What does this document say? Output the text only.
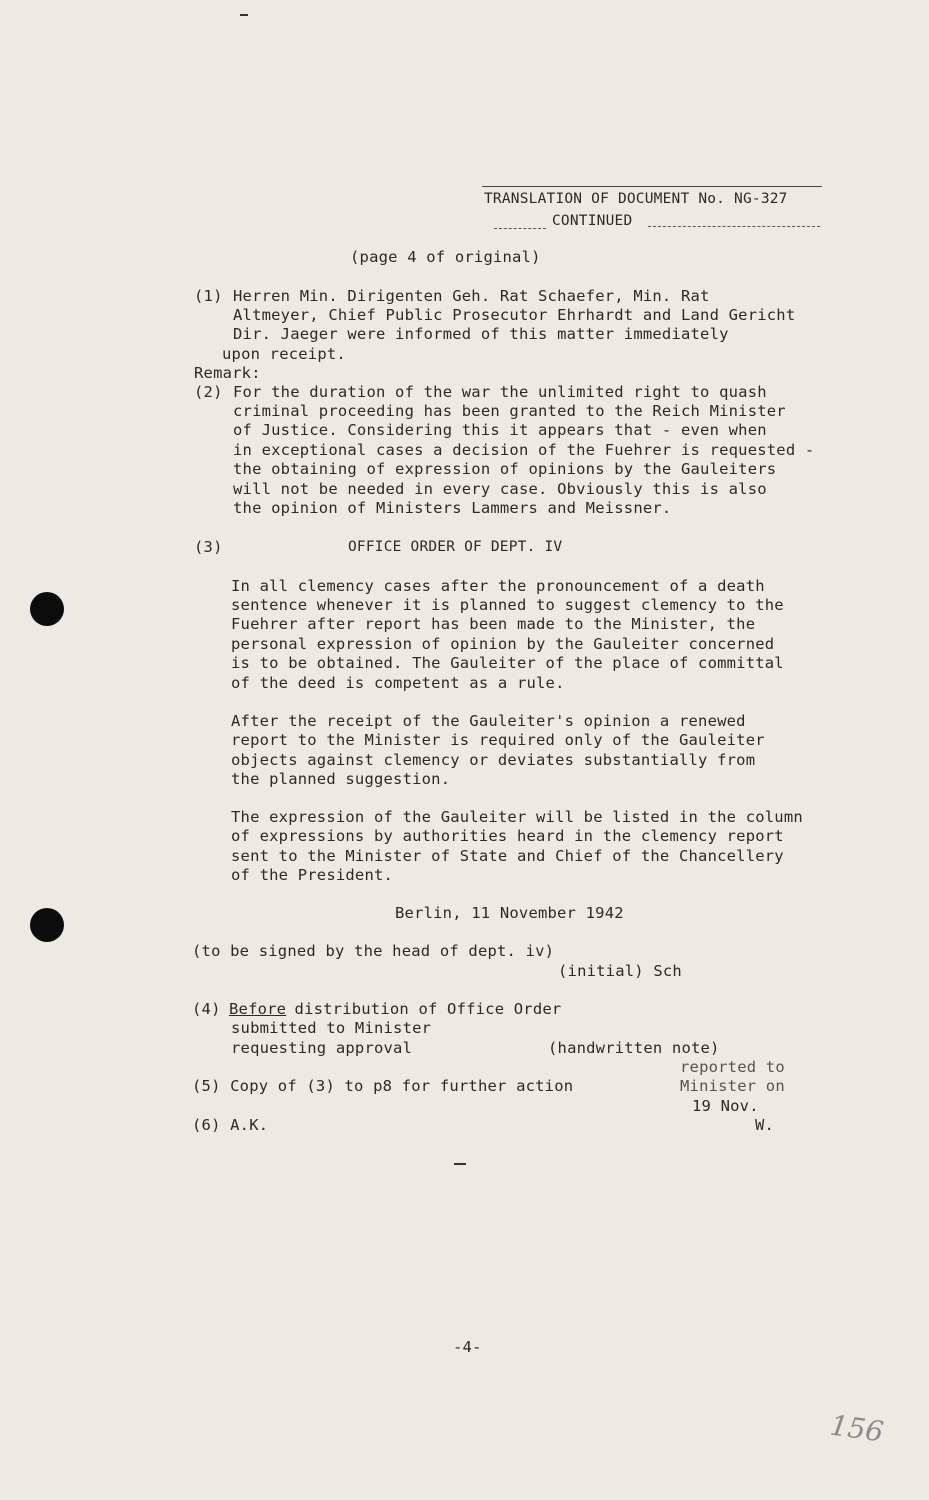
TRANSLATION OF DOCUMENT No. NG-327
CONTINUED
(page 4 of original)
(1) Herren Min. Dirigenten Geh. Rat Schaefer, Min. Rat
Altmeyer, Chief Public Prosecutor Ehrhardt and Land Gericht
Dir. Jaeger were informed of this matter immediately
upon receipt.
Remark:
(2) For the duration of the war the unlimited right to quash
criminal proceeding has been granted to the Reich Minister
of Justice. Considering this it appears that - even when
in exceptional cases a decision of the Fuehrer is requested -
the obtaining of expression of opinions by the Gauleiters
will not be needed in every case. Obviously this is also
the opinion of Ministers Lammers and Meissner.
(3)	OFFICE ORDER OF DEPT. IV
In all clemency cases after the pronouncement of a death
sentence whenever it is planned to suggest clemency to the
Fuehrer after report has been made to the Minister, the
personal expression of opinion by the Gauleiter concerned
is to be obtained. The Gauleiter of the place of committal
of the deed is competent as a rule.
After the receipt of the Gauleiter's opinion a renewed
report to the Minister is required only of the Gauleiter
objects against clemency or deviates substantially from
the planned suggestion.
The expression of the Gauleiter will be listed in the column
of expressions by authorities heard in the clemency report
sent to the Minister of State and Chief of the Chancellery
of the President.
Berlin, 11 November 1942
(to be signed by the head of dept. iv)
(initial) Sch
(4) Before
distribution of Office Order
submitted to Minister
requesting approval	(handwritten note)
reported to
Minister on
19 Nov.
W.
(5) Copy of (3) to p8 for further action
(6) A.K.
-4-
156
